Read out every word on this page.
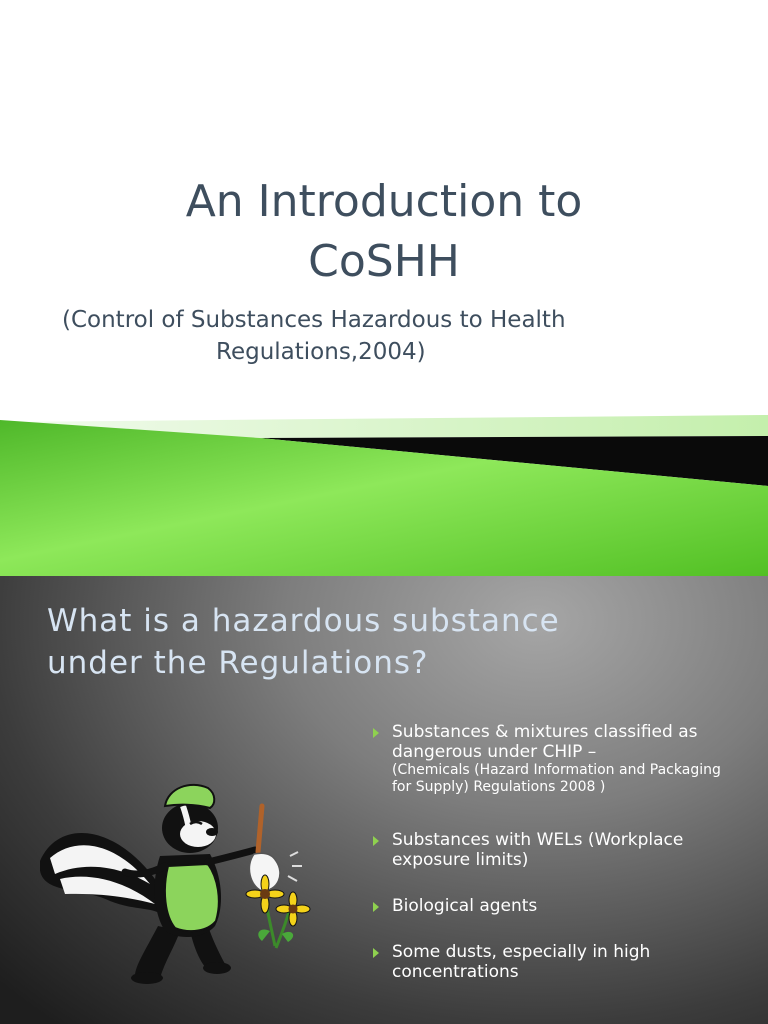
An Introduction to
CoSHH

(Control of Substances Hazardous to Health
Regulations,2004)

What is a hazardous substance
under the Regulations?
Substances & mixtures classified as dangerous under CHIP –
(Chemicals (Hazard Information and Packaging for Supply) Regulations 2008 )
Substances with WELs (Workplace exposure limits)
Biological agents
Some dusts, especially in high concentrations
